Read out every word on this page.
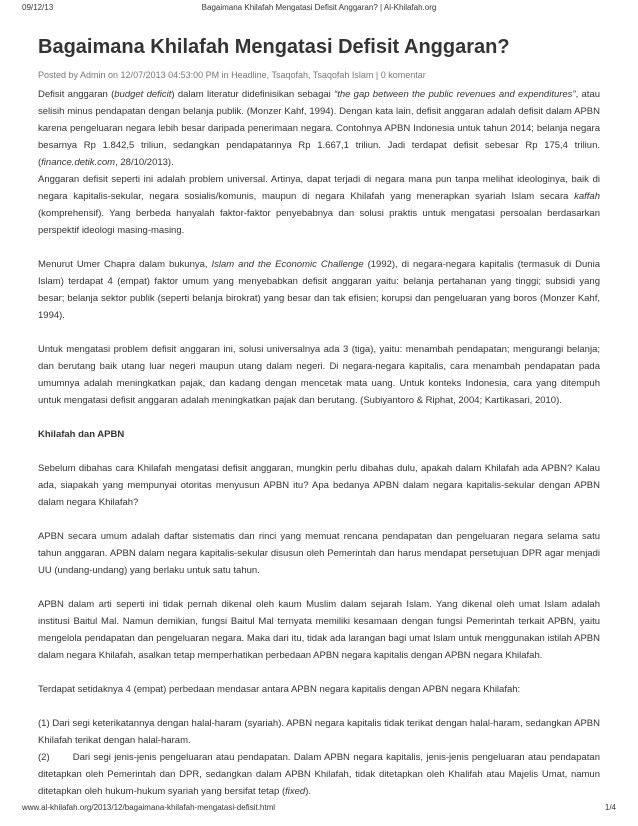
09/12/13	Bagaimana Khilafah Mengatasi Defisit Anggaran? | Al-Khilafah.org
Bagaimana Khilafah Mengatasi Defisit Anggaran?
Posted by Admin on 12/07/2013 04:53:00 PM in Headline, Tsaqofah, Tsaqofah Islam | 0 komentar

Defisit anggaran (budget deficit) dalam literatur didefinisikan sebagai “the gap between the public revenues and expenditures”, atau selisih minus pendapatan dengan belanja publik. (Monzer Kahf, 1994). Dengan kata lain, defisit anggaran adalah defisit dalam APBN karena pengeluaran negara lebih besar daripada penerimaan negara. Contohnya APBN Indonesia untuk tahun 2014; belanja negara besarnya Rp 1.842,5 triliun, sedangkan pendapatannya Rp 1.667,1 triliun. Jadi terdapat defisit sebesar Rp 175,4 triliun. (finance.detik.com, 28/10/2013).

Anggaran defisit seperti ini adalah problem universal. Artinya, dapat terjadi di negara mana pun tanpa melihat ideologinya, baik di negara kapitalis-sekular, negara sosialis/komunis, maupun di negara Khilafah yang menerapkan syariah Islam secara kaffah (komprehensif). Yang berbeda hanyalah faktor-faktor penyebabnya dan solusi praktis untuk mengatasi persoalan berdasarkan perspektif ideologi masing-masing.

Menurut Umer Chapra dalam bukunya, Islam and the Economic Challenge (1992), di negara-negara kapitalis (termasuk di Dunia Islam) terdapat 4 (empat) faktor umum yang menyebabkan defisit anggaran yaitu: belanja pertahanan yang tinggi; subsidi yang besar; belanja sektor publik (seperti belanja birokrat) yang besar dan tak efisien; korupsi dan pengeluaran yang boros (Monzer Kahf, 1994).

Untuk mengatasi problem defisit anggaran ini, solusi universalnya ada 3 (tiga), yaitu: menambah pendapatan; mengurangi belanja; dan berutang baik utang luar negeri maupun utang dalam negeri. Di negara-negara kapitalis, cara menambah pendapatan pada umumnya adalah meningkatkan pajak, dan kadang dengan mencetak mata uang. Untuk konteks Indonesia, cara yang ditempuh untuk mengatasi defisit anggaran adalah meningkatkan pajak dan berutang. (Subiyantoro & Riphat, 2004; Kartikasari, 2010).

Khilafah dan APBN

Sebelum dibahas cara Khilafah mengatasi defisit anggaran, mungkin perlu dibahas dulu, apakah dalam Khilafah ada APBN? Kalau ada, siapakah yang mempunyai otoritas menyusun APBN itu? Apa bedanya APBN dalam negara kapitalis-sekular dengan APBN dalam negara Khilafah?

APBN secara umum adalah daftar sistematis dan rinci yang memuat rencana pendapatan dan pengeluaran negara selama satu tahun anggaran. APBN dalam negara kapitalis-sekular disusun oleh Pemerintah dan harus mendapat persetujuan DPR agar menjadi UU (undang-undang) yang berlaku untuk satu tahun.

APBN dalam arti seperti ini tidak pernah dikenal oleh kaum Muslim dalam sejarah Islam. Yang dikenal oleh umat Islam adalah institusi Baitul Mal. Namun demikian, fungsi Baitul Mal ternyata memiliki kesamaan dengan fungsi Pemerintah terkait APBN, yaitu mengelola pendapatan dan pengeluaran negara. Maka dari itu, tidak ada larangan bagi umat Islam untuk menggunakan istilah APBN dalam negara Khilafah, asalkan tetap memperhatikan perbedaan APBN negara kapitalis dengan APBN negara Khilafah.

Terdapat setidaknya 4 (empat) perbedaan mendasar antara APBN negara kapitalis dengan APBN negara Khilafah:

(1) Dari segi keterikatannya dengan halal-haram (syariah). APBN negara kapitalis tidak terikat dengan halal-haram, sedangkan APBN Khilafah terikat dengan halal-haram.

(2) Dari segi jenis-jenis pengeluaran atau pendapatan. Dalam APBN negara kapitalis, jenis-jenis pengeluaran atau pendapatan ditetapkan oleh Pemerintah dan DPR, sedangkan dalam APBN Khilafah, tidak ditetapkan oleh Khalifah atau Majelis Umat, namun ditetapkan oleh hukum-hukum syariah yang bersifat tetap (fixed).

www.al-khilafah.org/2013/12/bagaimana-khilafah-mengatasi-defisit.html	1/4
